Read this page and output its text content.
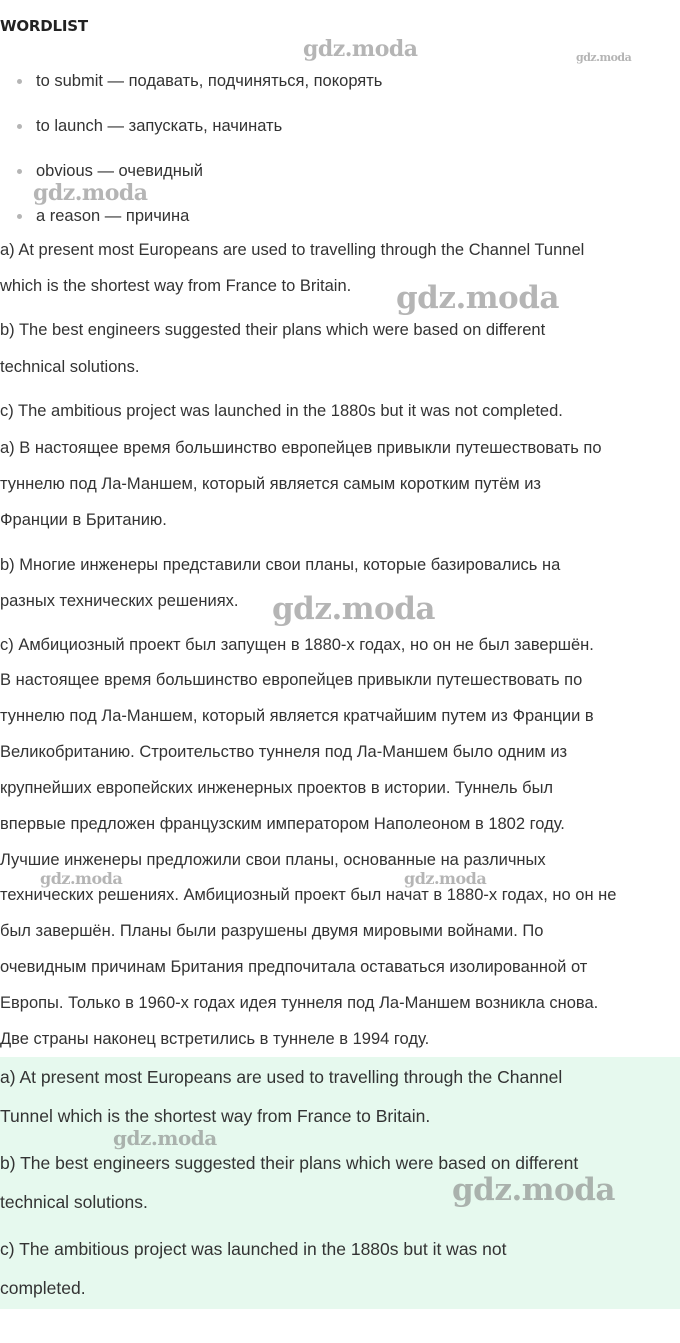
WORDLIST
to submit — подавать, подчиняться, покорять
to launch — запускать, начинать
obvious — очевидный
a reason — причина

a) At present most Europeans are used to travelling through the Channel Tunnel
which is the shortest way from France to Britain.

b) The best engineers suggested their plans which were based on different
technical solutions.

c) The ambitious project was launched in the 1880s but it was not completed.

a) В настоящее время большинство европейцев привыкли путешествовать по
туннелю под Ла-Маншем, который является самым коротким путём из
Франции в Британию.

b) Многие инженеры представили свои планы, которые базировались на
разных технических решениях.

c) Амбициозный проект был запущен в 1880-х годах, но он не был завершён.

В настоящее время большинство европейцев привыкли путешествовать по
туннелю под Ла-Маншем, который является кратчайшим путем из Франции в
Великобританию. Строительство туннеля под Ла-Маншем было одним из
крупнейших европейских инженерных проектов в истории. Туннель был
впервые предложен французским императором Наполеоном в 1802 году.
Лучшие инженеры предложили свои планы, основанные на различных
технических решениях. Амбициозный проект был начат в 1880-х годах, но он не
был завершён. Планы были разрушены двумя мировыми войнами. По
очевидным причинам Британия предпочитала оставаться изолированной от
Европы. Только в 1960-х годах идея туннеля под Ла-Маншем возникла снова.
Две страны наконец встретились в туннеле в 1994 году.

a) At present most Europeans are used to travelling through the Channel
Tunnel which is the shortest way from France to Britain.

b) The best engineers suggested their plans which were based on different
technical solutions.

c) The ambitious project was launched in the 1880s but it was not
completed.

gdz.moda	gdz.moda
gdz.moda
gdz.moda
gdz.moda
gdz.moda	gdz.moda
gdz.moda
gdz.moda
